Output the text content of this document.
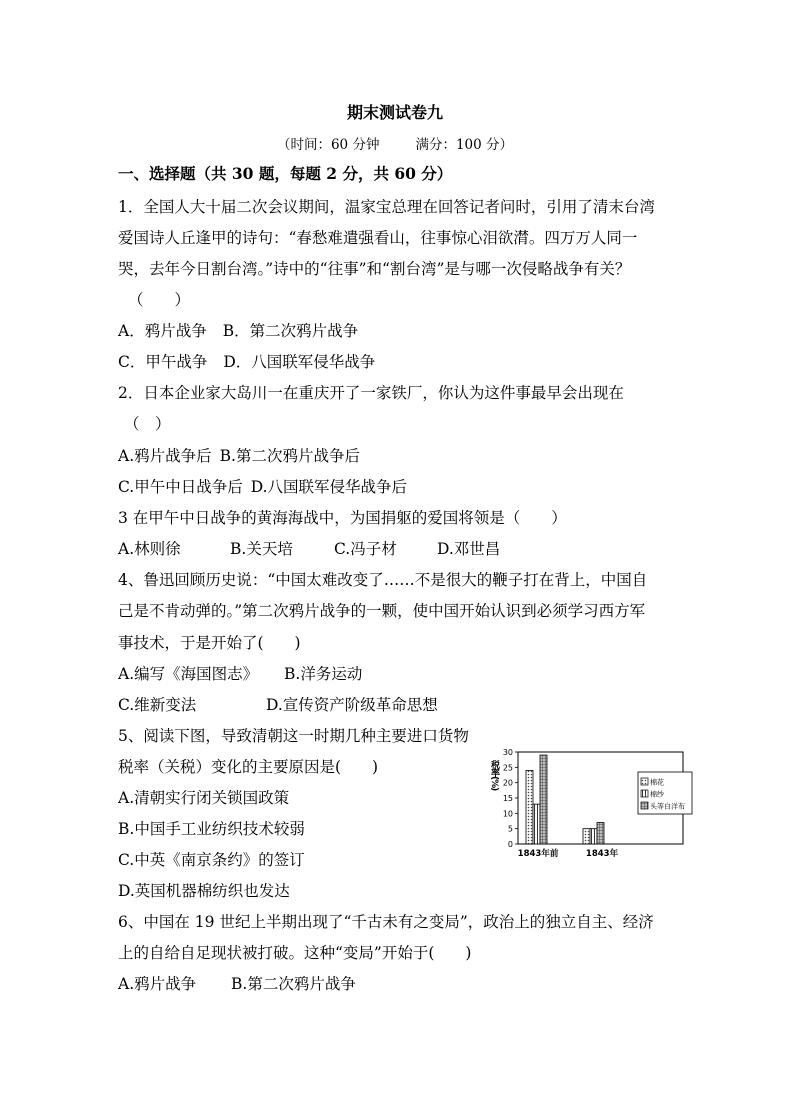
期末测试卷九
（时间：60 分钟	满分：100 分）
一、选择题（共 30 题，每题 2 分，共 60 分）
1．全国人大十届二次会议期间，温家宝总理在回答记者问时，引用了清末台湾
爱国诗人丘逢甲的诗句：“春愁难遣强看山，往事惊心泪欲潸。四万万人同一
哭，去年今日割台湾。”诗中的“往事”和“割台湾”是与哪一次侵略战争有关？
（　　）
A．鸦片战争 B．第二次鸦片战争
C．甲午战争 D．八国联军侵华战争
2．日本企业家大岛川一在重庆开了一家铁厂，你认为这件事最早会出现在
（　）
A.鸦片战争后 B.第二次鸦片战争后
C.甲午中日战争后 D.八国联军侵华战争后
3 在甲午中日战争的黄海海战中，为国捐躯的爱国将领是（　　）
A.林则徐	B.关天培	C.冯子材	D.邓世昌
4、鲁迅回顾历史说：“中国太难改变了……不是很大的鞭子打在背上，中国自
己是不肯动弹的。”第二次鸦片战争的一颗，使中国开始认识到必须学习西方军
事技术，于是开始了(　　)
A.编写《海国图志》 B.洋务运动
C.维新变法	D.宣传资产阶级革命思想
5、阅读下图，导致清朝这一时期几种主要进口货物
税率（关税）变化的主要原因是(　　)
A.清朝实行闭关锁国政策
B.中国手工业纺织技术较弱
C.中英《南京条约》的签订
D.英国机器棉纺织也发达
税率(%)
0
5
10
15
20
25
30
1843年前	1843年
棉花
棉纱
头等白洋布
6、中国在 19 世纪上半期出现了“千古未有之变局”，政治上的独立自主、经济
上的自给自足现状被打破。这种“变局”开始于(　　)
A.鸦片战争 B.第二次鸦片战争
